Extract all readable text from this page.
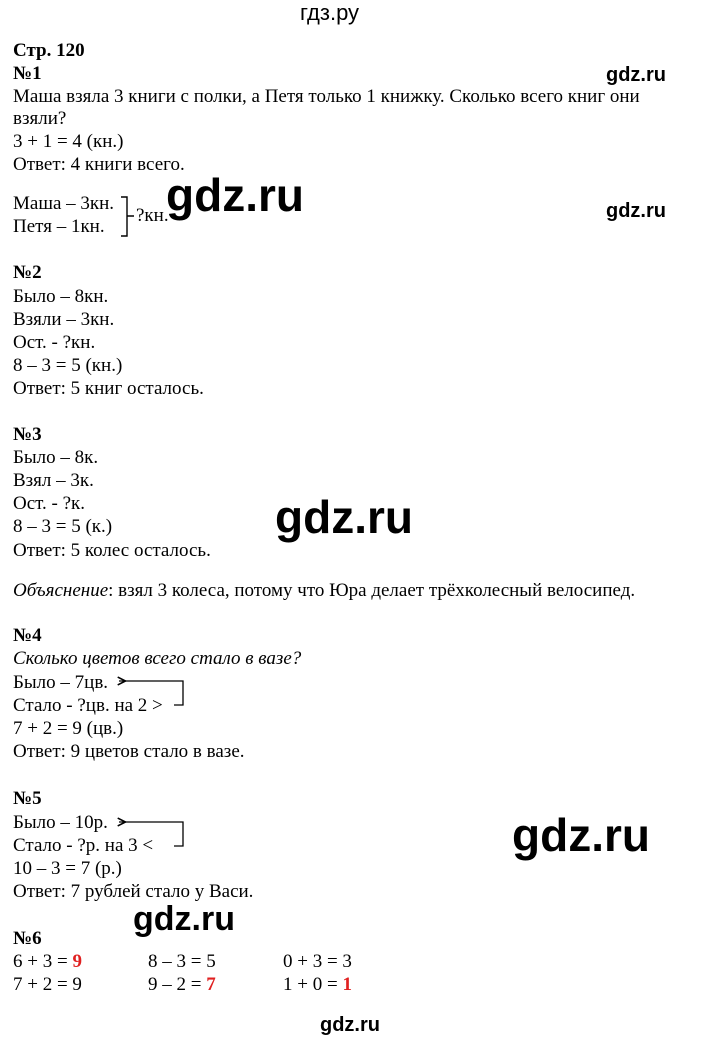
гдз.ру
gdz.ru
gdz.ru	gdz.ru
gdz.ru
gdz.ru
gdz.ru
gdz.ru
Стр. 120
№1
Маша взяла 3 книги с полки, а Петя только 1 книжку. Сколько всего книг они
взяли?
3 + 1 = 4 (кн.)
Ответ: 4 книги всего.
Маша – 3кн.
Петя – 1кн.
?кн.
№2
Было – 8кн.
Взяли – 3кн.
Ост. - ?кн.
8 – 3 = 5 (кн.)
Ответ: 5 книг осталось.
№3
Было – 8к.
Взял – 3к.
Ост. - ?к.
8 – 3 = 5 (к.)
Ответ: 5 колес осталось.
Объяснение: взял 3 колеса, потому что Юра делает трёхколесный велосипед.
№4
Сколько цветов всего стало в вазе?
Было – 7цв.
Стало - ?цв. на 2 >
7 + 2 = 9 (цв.)
Ответ: 9 цветов стало в вазе.
№5
Было – 10р.
Стало - ?р. на 3 <
10 – 3 = 7 (р.)
Ответ: 7 рублей стало у Васи.
№6
6 + 3 = 9	8 – 3 = 5	0 + 3 = 3
7 + 2 = 9	9 – 2 = 7	1 + 0 = 1
